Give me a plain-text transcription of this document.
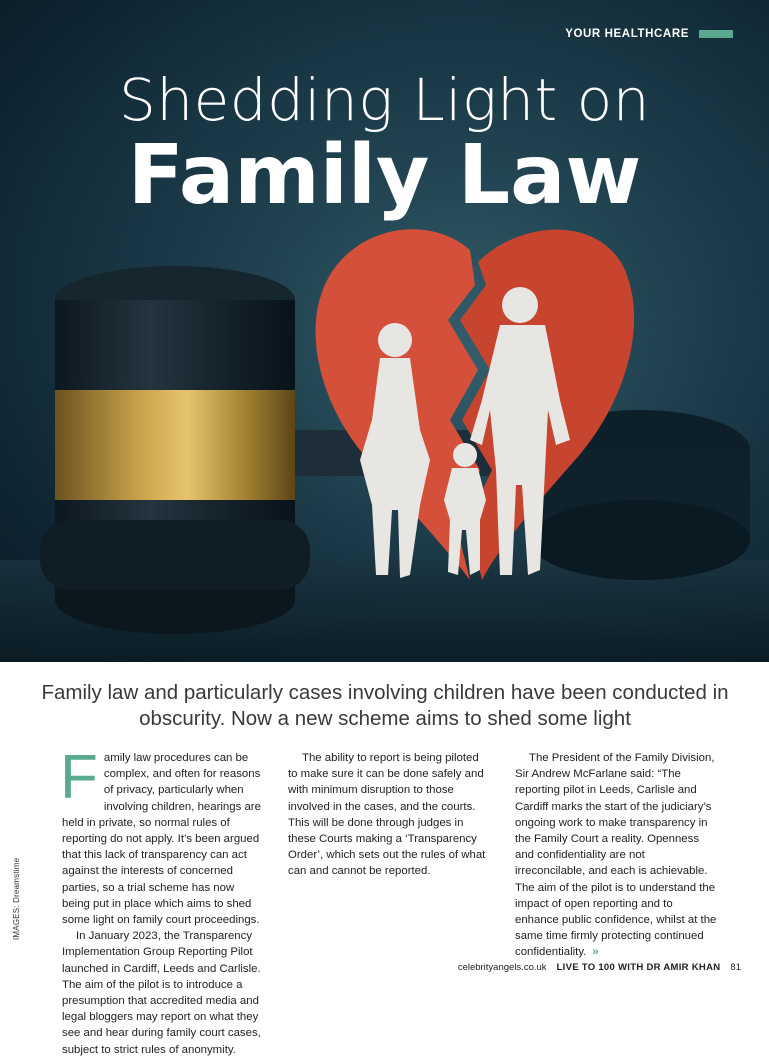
YOUR HEALTHCARE
Shedding Light on
Family Law

Family law and particularly cases involving children have been conducted in obscurity. Now a new scheme aims to shed some light

IMAGES: Dreamstime

Family law procedures can be complex, and often for reasons of privacy, particularly when involving children, hearings are held in private, so normal rules of reporting do not apply. It’s been argued that this lack of transparency can act against the interests of concerned parties, so a trial scheme has now being put in place which aims to shed some light on family court proceedings.

In January 2023, the Transparency Implementation Group Reporting Pilot launched in Cardiff, Leeds and Carlisle. The aim of the pilot is to introduce a presumption that accredited media and legal bloggers may report on what they see and hear during family court cases, subject to strict rules of anonymity.

The ability to report is being piloted to make sure it can be done safely and with minimum disruption to those involved in the cases, and the courts. This will be done through judges in these Courts making a ‘Transparency Order’, which sets out the rules of what can and cannot be reported.

The President of the Family Division, Sir Andrew McFarlane said: “The reporting pilot in Leeds, Carlisle and Cardiff marks the start of the judiciary’s ongoing work to make transparency in the Family Court a reality. Openness and confidentiality are not irreconcilable, and each is achievable. The aim of the pilot is to understand the impact of open reporting and to enhance public confidence, whilst at the same time firmly protecting continued confidentiality. »

celebrityangels.co.uk LIVE TO 100 WITH DR AMIR KHAN 81
